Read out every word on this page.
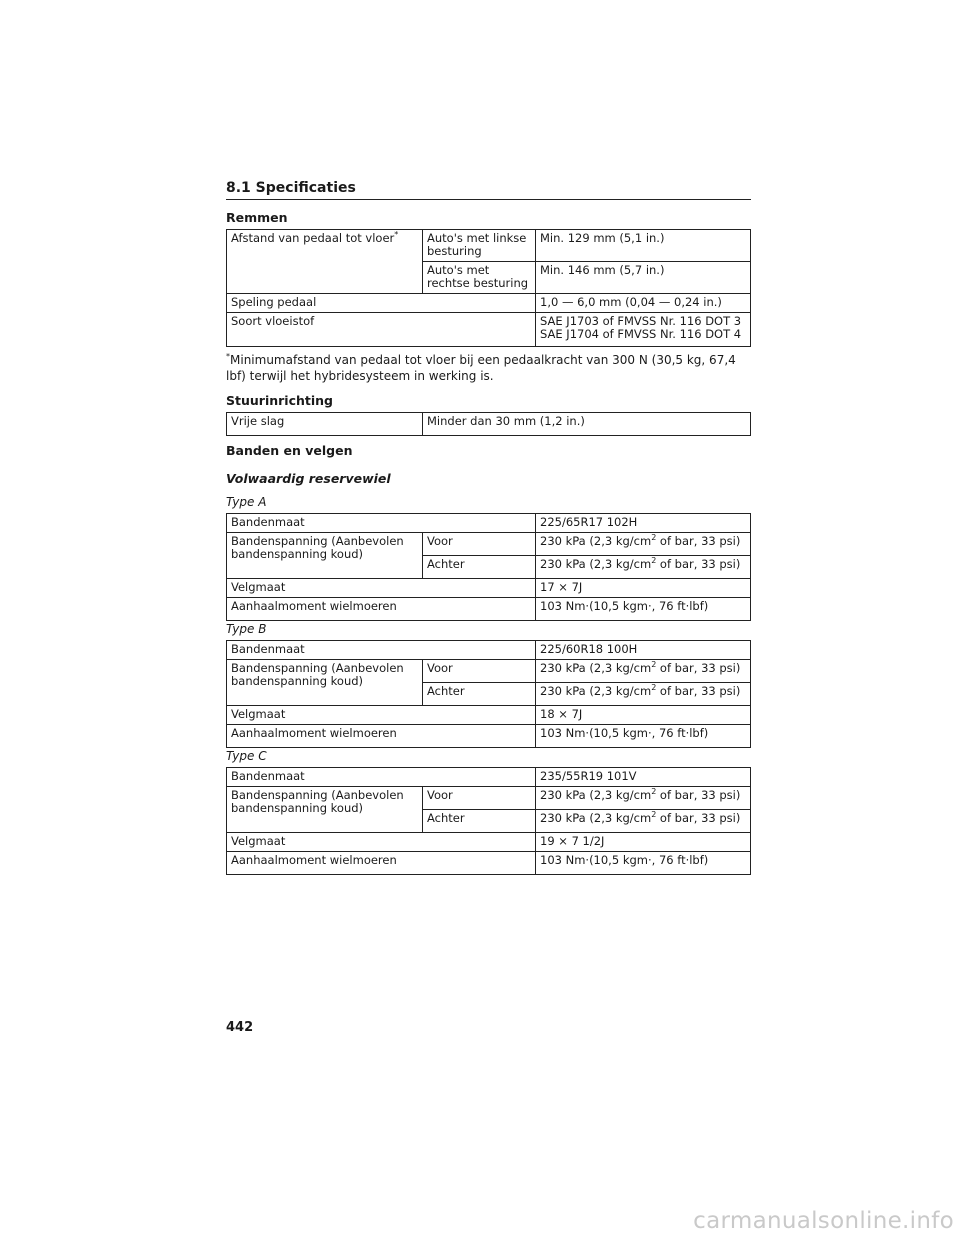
8.1 Specificaties
Remmen
Afstand van pedaal tot vloer*	Auto's met linkse besturing	Min. 129 mm (5,1 in.)
	Auto's met rechtse besturing	Min. 146 mm (5,7 in.)
Speling pedaal		1,0 — 6,0 mm (0,04 — 0,24 in.)
Soort vloeistof		SAE J1703 of FMVSS Nr. 116 DOT 3
SAE J1704 of FMVSS Nr. 116 DOT 4
*Minimumafstand van pedaal tot vloer bij een pedaalkracht van 300 N (30,5 kg, 67,4 lbf) terwijl het hybridesysteem in werking is.
Stuurinrichting
Vrije slag	Minder dan 30 mm (1,2 in.)
Banden en velgen
Volwaardig reservewiel
Type A
Bandenmaat		225/65R17 102H
Bandenspanning (Aanbevolen bandenspanning koud)	Voor	230 kPa (2,3 $kg/cm^2$ of bar, 33 psi)
	Achter	230 kPa (2,3 $kg/cm^2$ of bar, 33 psi)
Velgmaat		17 × 7J
Aanhaalmoment wielmoeren		103 Nm·(10,5 kgm·, 76 ft·lbf)
Type B
Bandenmaat		225/60R18 100H
Bandenspanning (Aanbevolen bandenspanning koud)	Voor	230 kPa (2,3 $kg/cm^2$ of bar, 33 psi)
	Achter	230 kPa (2,3 $kg/cm^2$ of bar, 33 psi)
Velgmaat		18 × 7J
Aanhaalmoment wielmoeren		103 Nm·(10,5 kgm·, 76 ft·lbf)
Type C
Bandenmaat		235/55R19 101V
Bandenspanning (Aanbevolen bandenspanning koud)	Voor	230 kPa (2,3 $kg/cm^2$ of bar, 33 psi)
	Achter	230 kPa (2,3 $kg/cm^2$ of bar, 33 psi)
Velgmaat		19 × 7 1/2J
Aanhaalmoment wielmoeren		103 Nm·(10,5 kgm·, 76 ft·lbf)
442
carmanualsonline.info
